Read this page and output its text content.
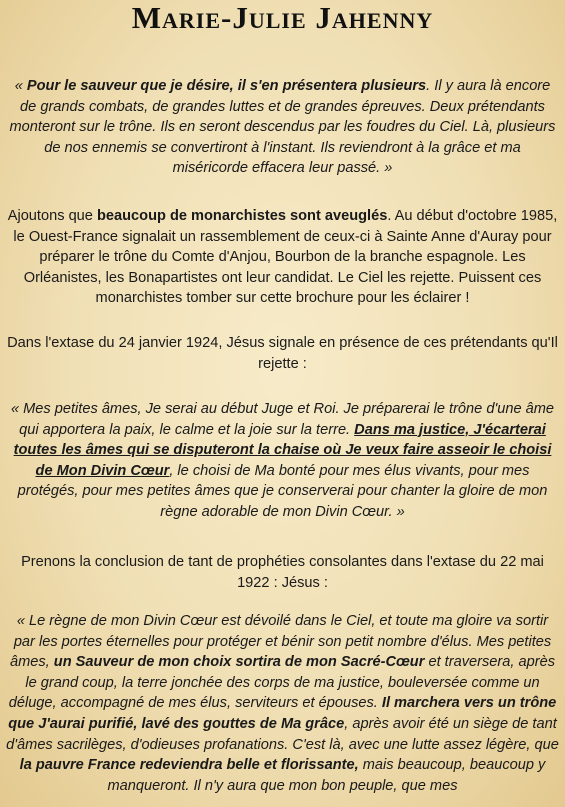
Marie-Julie Jahenny

« Pour le sauveur que je désire, il s'en présentera plusieurs. Il y aura là encore de grands combats, de grandes luttes et de grandes épreuves. Deux prétendants monteront sur le trône. Ils en seront descendus par les foudres du Ciel. Là, plusieurs de nos ennemis se convertiront à l'instant. Ils reviendront à la grâce et ma miséricorde effacera leur passé. »

Ajoutons que beaucoup de monarchistes sont aveuglés. Au début d'octobre 1985, le Ouest-France signalait un rassemblement de ceux-ci à Sainte Anne d'Auray pour préparer le trône du Comte d'Anjou, Bourbon de la branche espagnole. Les Orléanistes, les Bonapartistes ont leur candidat. Le Ciel les rejette. Puissent ces monarchistes tomber sur cette brochure pour les éclairer !

Dans l'extase du 24 janvier 1924, Jésus signale en présence de ces prétendants qu'Il rejette :

« Mes petites âmes, Je serai au début Juge et Roi. Je préparerai le trône d'une âme qui apportera la paix, le calme et la joie sur la terre. Dans ma justice, J'écarterai toutes les âmes qui se disputeront la chaise où Je veux faire asseoir le choisi de Mon Divin Cœur, le choisi de Ma bonté pour mes élus vivants, pour mes protégés, pour mes petites âmes que je conserverai pour chanter la gloire de mon règne adorable de mon Divin Cœur. »

Prenons la conclusion de tant de prophéties consolantes dans l'extase du 22 mai 1922 : Jésus :

« Le règne de mon Divin Cœur est dévoilé dans le Ciel, et toute ma gloire va sortir par les portes éternelles pour protéger et bénir son petit nombre d'élus. Mes petites âmes, un Sauveur de mon choix sortira de mon Sacré-Cœur et traversera, après le grand coup, la terre jonchée des corps de ma justice, bouleversée comme un déluge, accompagné de mes élus, serviteurs et épouses. Il marchera vers un trône que J'aurai purifié, lavé des gouttes de Ma grâce, après avoir été un siège de tant d'âmes sacrilèges, d'odieuses profanations. C'est là, avec une lutte assez légère, que la pauvre France redeviendra belle et florissante, mais beaucoup, beaucoup y manqueront. Il n'y aura que mon bon peuple, que mes
